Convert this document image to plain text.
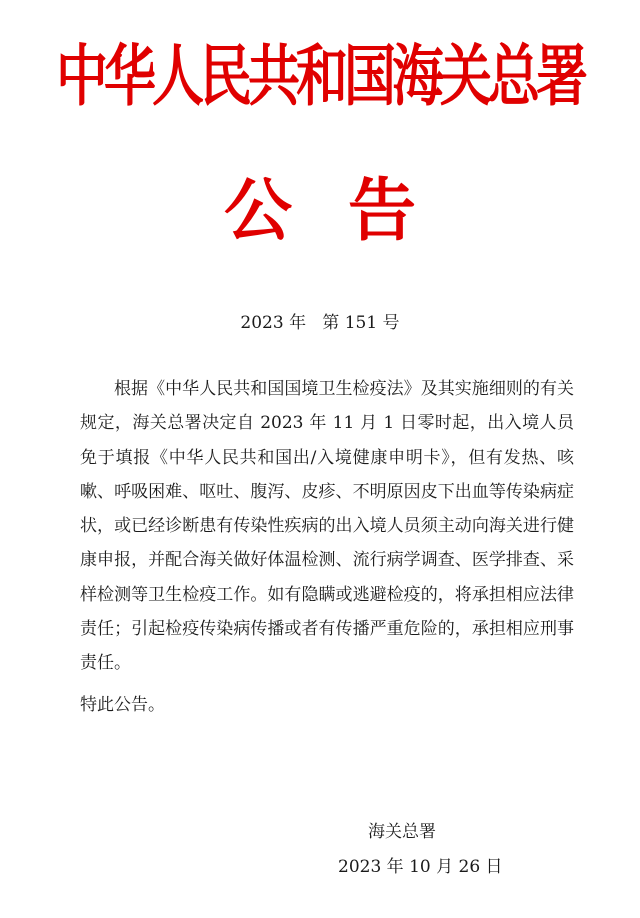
中华人民共和国海关总署
公告
2023 年   第 151 号

根据《中华人民共和国国境卫生检疫法》及其实施细则的有关规定，海关总署决定自 2023 年 11 月 1 日零时起，出入境人员免于填报《中华人民共和国出/入境健康申明卡》，但有发热、咳嗽、呼吸困难、呕吐、腹泻、皮疹、不明原因皮下出血等传染病症状，或已经诊断患有传染性疾病的出入境人员须主动向海关进行健康申报，并配合海关做好体温检测、流行病学调查、医学排查、采样检测等卫生检疫工作。如有隐瞒或逃避检疫的，将承担相应法律责任；引起检疫传染病传播或者有传播严重危险的，承担相应刑事责任。

特此公告。

海关总署
2023 年 10 月 26 日
